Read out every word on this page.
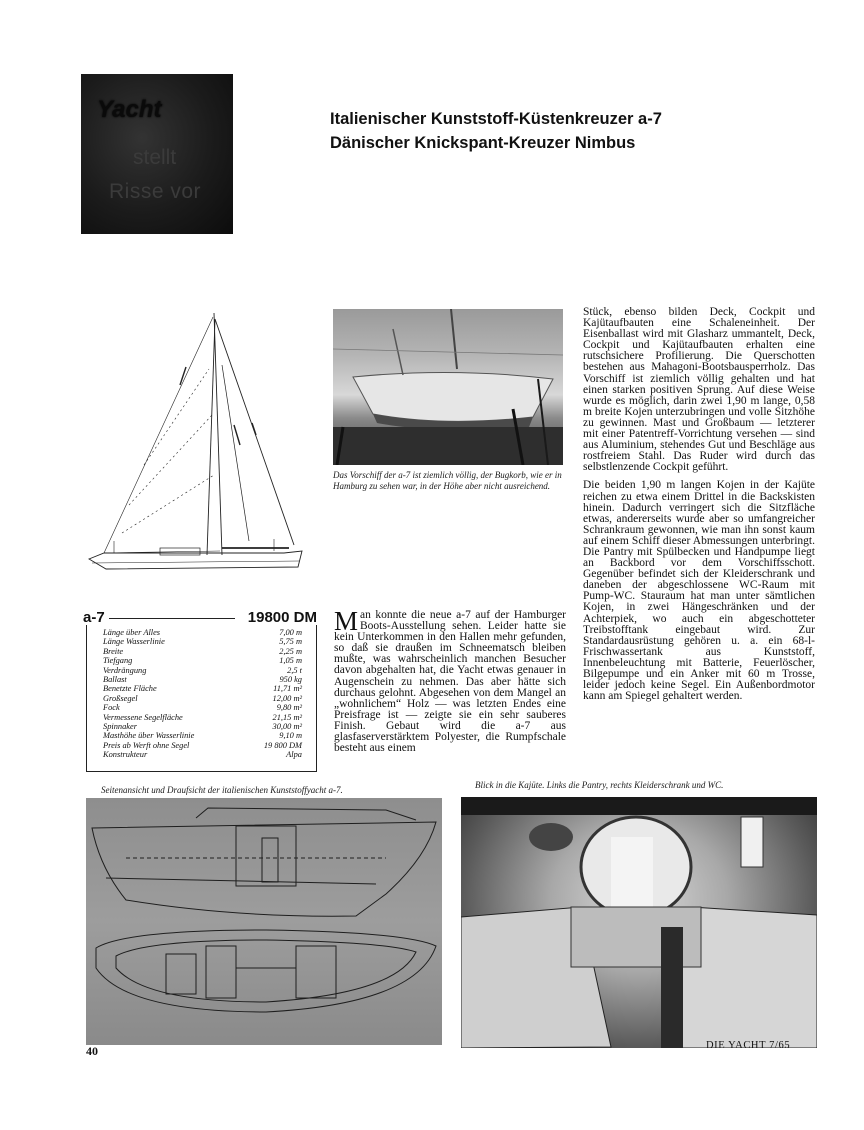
Yacht
stellt
Risse vor
Italienischer Kunststoff-Küstenkreuzer a-7
Dänischer Knickspant-Kreuzer Nimbus
Das Vorschiff der a-7 ist ziemlich völlig, der Bugkorb, wie er in Hamburg zu sehen war, in der Höhe aber nicht ausreichend.
a-7	19800 DM
Länge über Alles	7,00 m
Länge Wasserlinie	5,75 m
Breite	2,25 m
Tiefgang	1,05 m
Verdrängung	2,5 t
Ballast	950 kg
Benetzte Fläche	11,71 m²
Großsegel	12,00 m²
Fock	9,80 m²
Vermessene Segelfläche	21,15 m²
Spinnaker	30,00 m²
Masthöhe über Wasserlinie	9,10 m
Preis ab Werft ohne Segel	19 800 DM
Konstrukteur	Alpa

Man konnte die neue a-7 auf der Hamburger Boots-Ausstellung sehen. Leider hatte sie kein Unterkommen in den Hallen mehr gefunden, so daß sie draußen im Schneematsch bleiben mußte, was wahrscheinlich manchen Besucher davon abgehalten hat, die Yacht etwas genauer in Augenschein zu nehmen. Das aber hätte sich durchaus gelohnt. Abgesehen von dem Mangel an „wohnlichem“ Holz — was letzten Endes eine Preisfrage ist — zeigte sie ein sehr sauberes Finish. Gebaut wird die a-7 aus glasfaserverstärktem Polyester, die Rumpfschale besteht aus einem

Stück, ebenso bilden Deck, Cockpit und Kajütaufbauten eine Schaleneinheit. Der Eisenballast wird mit Glasharz ummantelt, Deck, Cockpit und Kajütaufbauten erhalten eine rutschsichere Profilierung. Die Querschotten bestehen aus Mahagoni-Bootsbausperrholz. Das Vorschiff ist ziemlich völlig gehalten und hat einen starken positiven Sprung. Auf diese Weise wurde es möglich, darin zwei 1,90 m lange, 0,58 m breite Kojen unterzubringen und volle Sitzhöhe zu gewinnen. Mast und Großbaum — letzterer mit einer Patentreff-Vorrichtung versehen — sind aus Aluminium, stehendes Gut und Beschläge aus rostfreiem Stahl. Das Ruder wird durch das selbstlenzende Cockpit geführt.

Die beiden 1,90 m langen Kojen in der Kajüte reichen zu etwa einem Drittel in die Backskisten hinein. Dadurch verringert sich die Sitzfläche etwas, andererseits wurde aber so umfangreicher Schrankraum gewonnen, wie man ihn sonst kaum auf einem Schiff dieser Abmessungen unterbringt. Die Pantry mit Spülbecken und Handpumpe liegt an Backbord vor dem Vorschiffsschott. Gegenüber befindet sich der Kleiderschrank und daneben der abgeschlossene WC-Raum mit Pump-WC. Stauraum hat man unter sämtlichen Kojen, in zwei Hängeschränken und der Achterpiek, wo auch ein abgeschotteter Treibstofftank eingebaut wird. Zur Standardausrüstung gehören u. a. ein 68-l-Frischwassertank aus Kunststoff, Innenbeleuchtung mit Batterie, Feuerlöscher, Bilgepumpe und ein Anker mit 60 m Trosse, leider jedoch keine Segel. Ein Außenbordmotor kann am Spiegel gehaltert werden.

Seitenansicht und Draufsicht der italienischen Kunststoffyacht a-7.	Blick in die Kajüte. Links die Pantry, rechts Kleiderschrank und WC.
40	DIE YACHT 7/65
